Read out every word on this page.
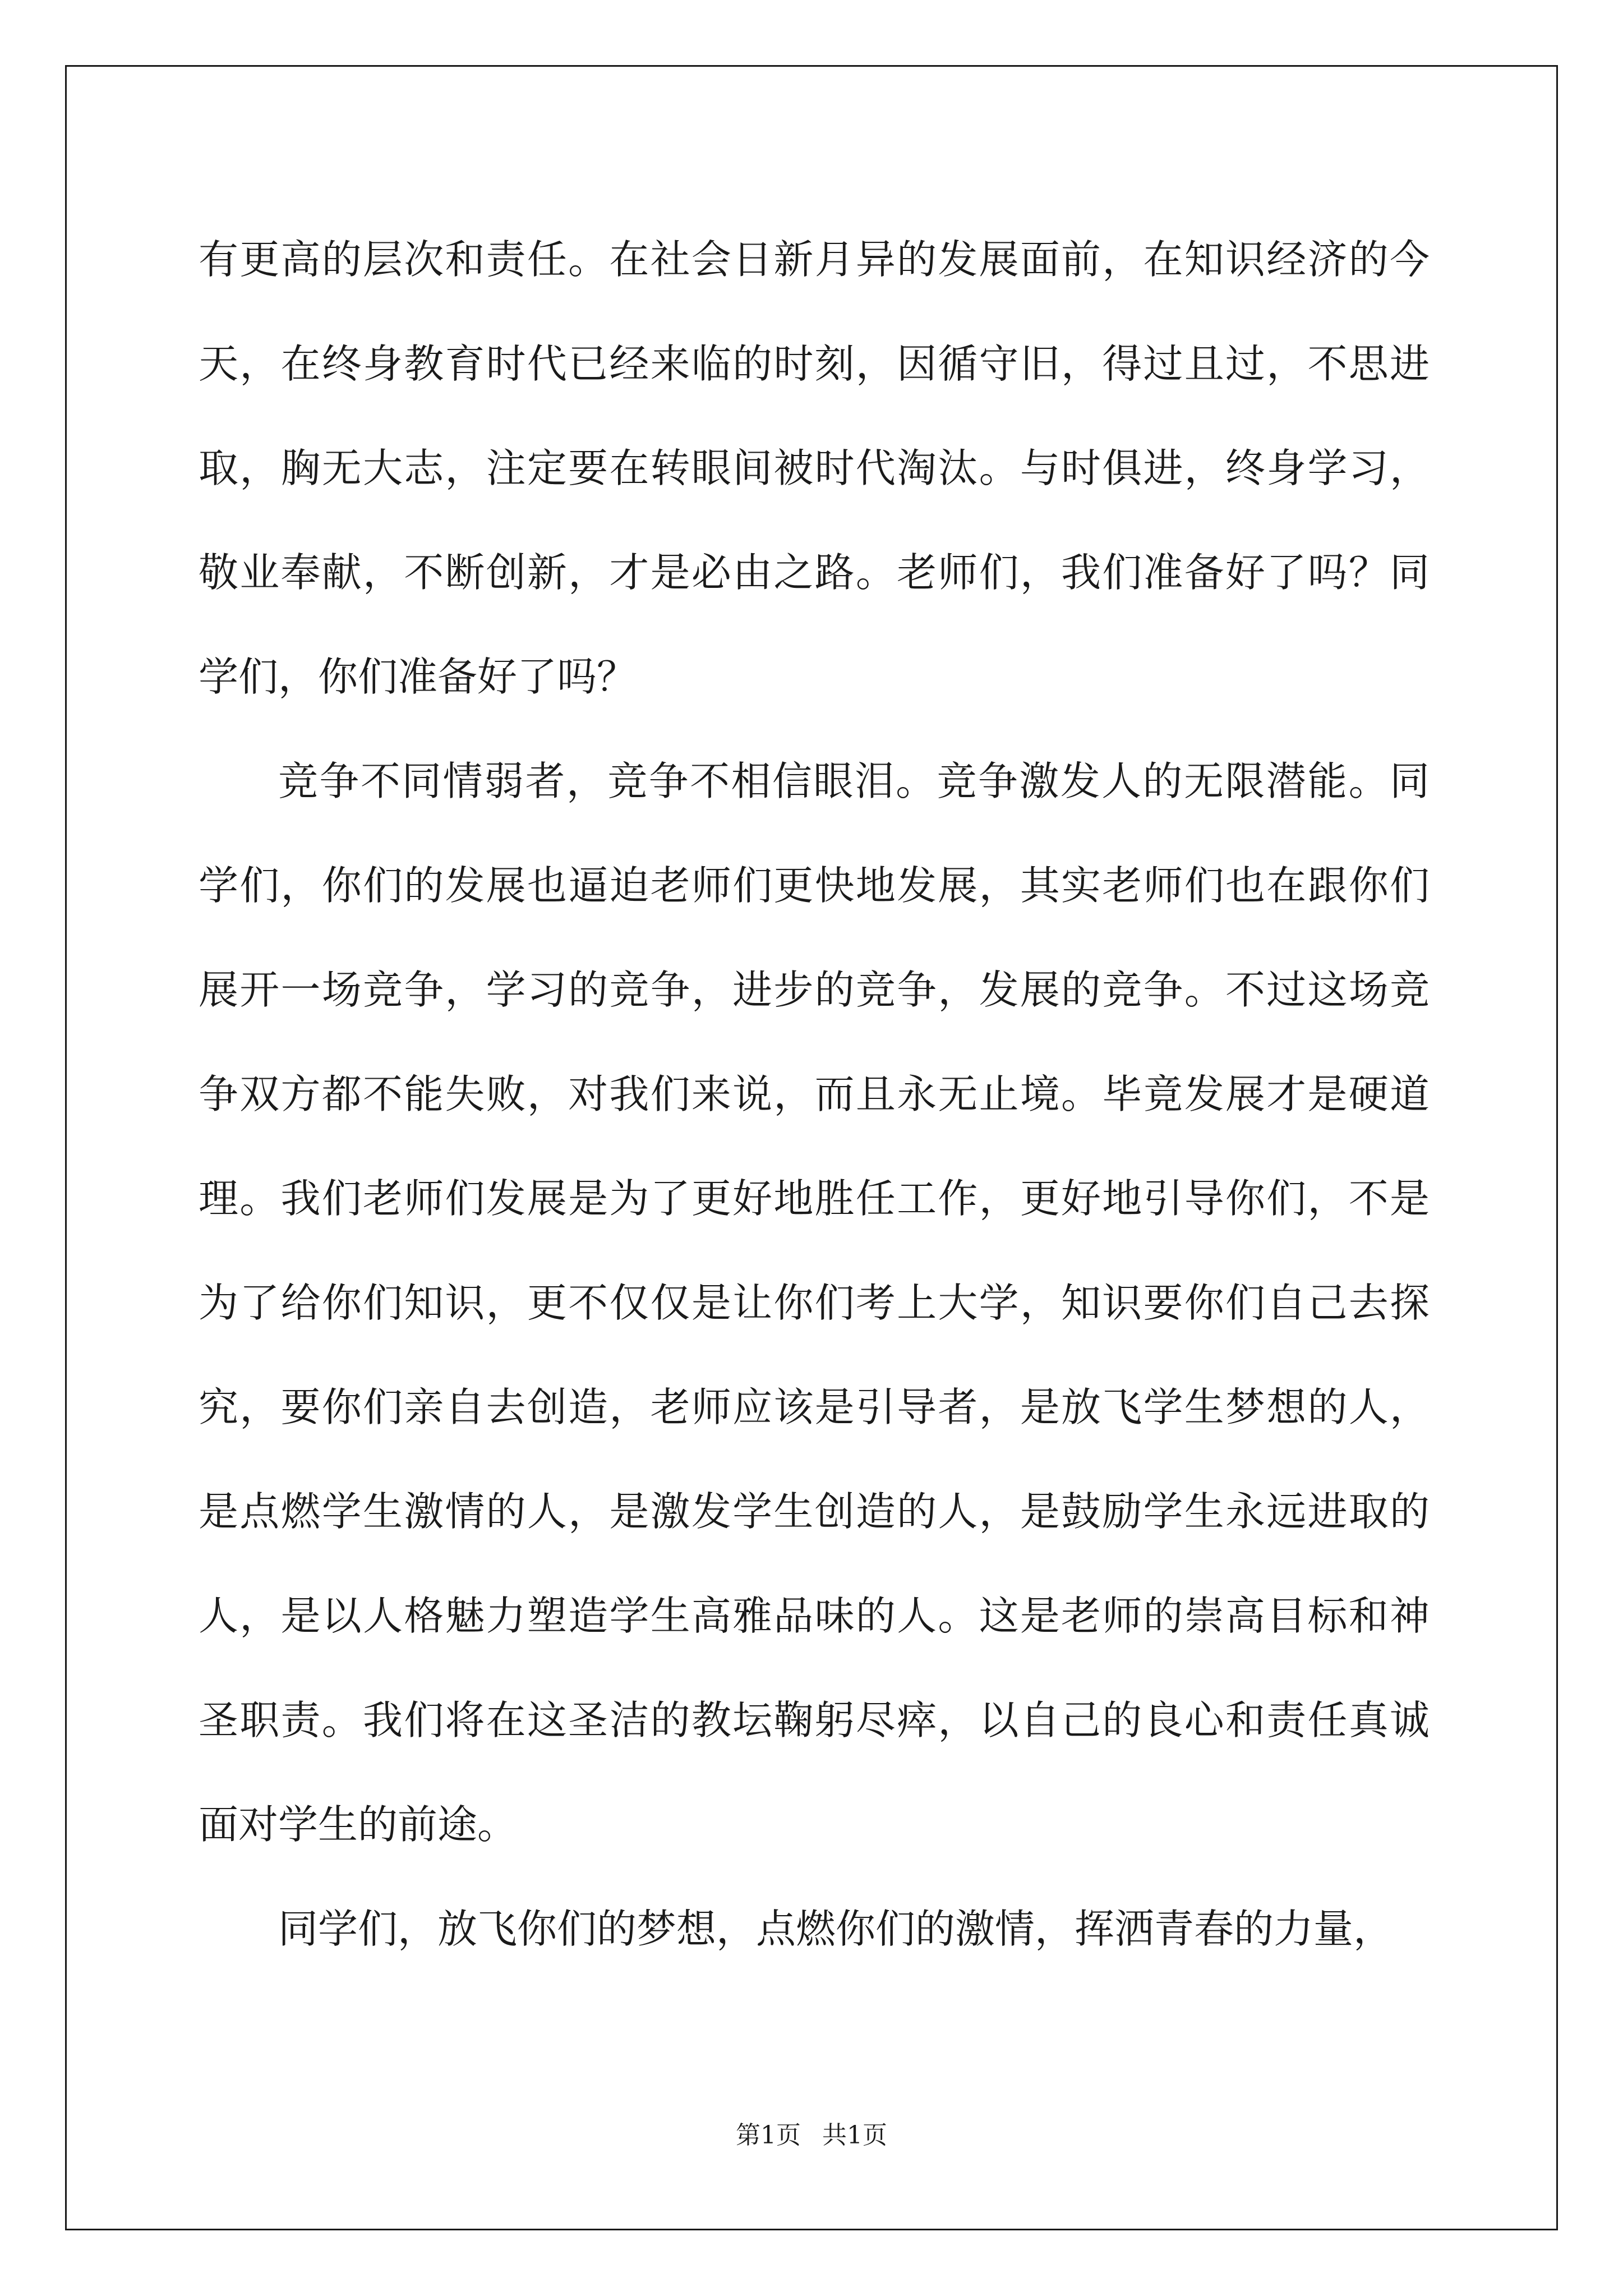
有更高的层次和责任。在社会日新月异的发展面前，在知识经济的今天，在终身教育时代已经来临的时刻，因循守旧，得过且过，不思进取，胸无大志，注定要在转眼间被时代淘汰。与时俱进，终身学习，敬业奉献，不断创新，才是必由之路。老师们，我们准备好了吗？同学们，你们准备好了吗？

竞争不同情弱者，竞争不相信眼泪。竞争激发人的无限潜能。同学们，你们的发展也逼迫老师们更快地发展，其实老师们也在跟你们展开一场竞争，学习的竞争，进步的竞争，发展的竞争。不过这场竞争双方都不能失败，对我们来说，而且永无止境。毕竟发展才是硬道理。我们老师们发展是为了更好地胜任工作，更好地引导你们，不是为了给你们知识，更不仅仅是让你们考上大学，知识要你们自己去探究，要你们亲自去创造，老师应该是引导者，是放飞学生梦想的人，是点燃学生激情的人，是激发学生创造的人，是鼓励学生永远进取的人，是以人格魅力塑造学生高雅品味的人。这是老师的崇高目标和神圣职责。我们将在这圣洁的教坛鞠躬尽瘁，以自己的良心和责任真诚面对学生的前途。

同学们，放飞你们的梦想，点燃你们的激情，挥洒青春的力量，

第1页 共1页
